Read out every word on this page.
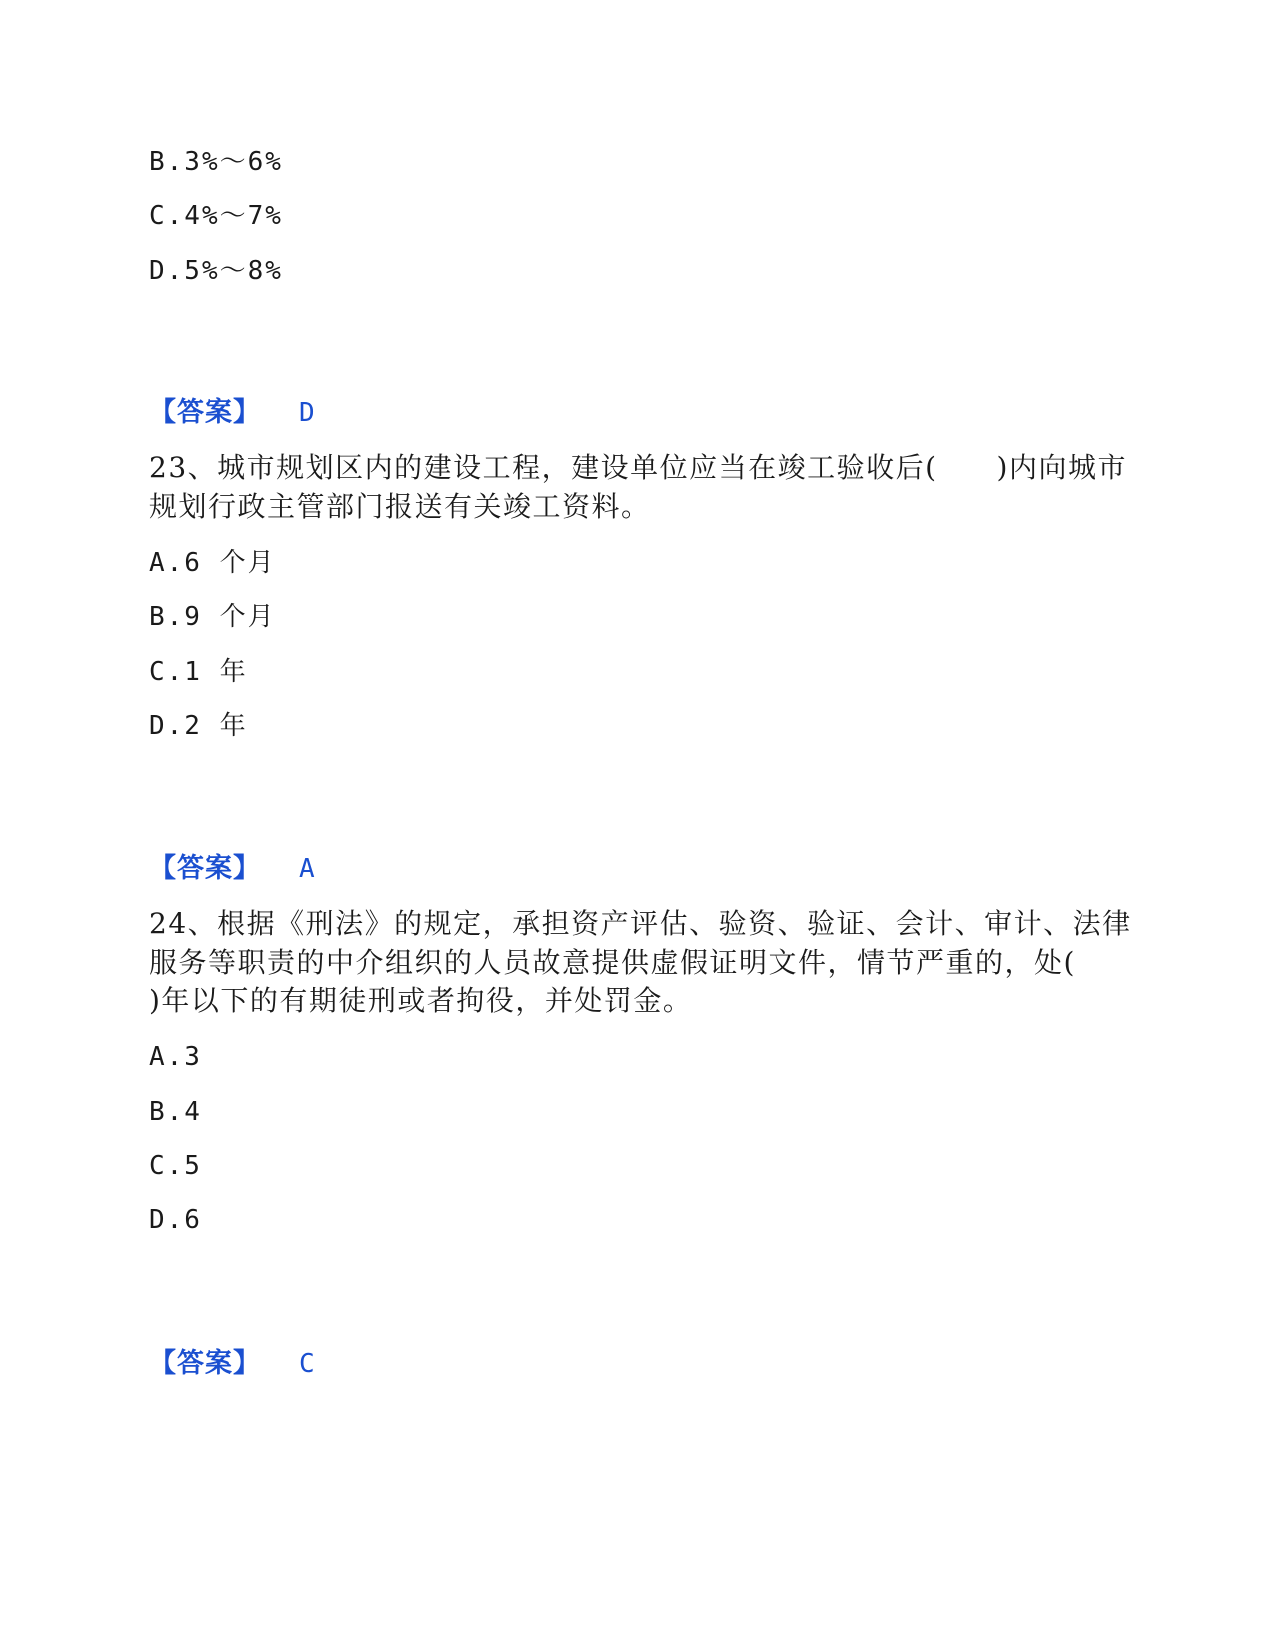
B.3%～6%
C.4%～7%
D.5%～8%
【答案】 D
23、城市规划区内的建设工程，建设单位应当在竣工验收后(　　)内向城市
规划行政主管部门报送有关竣工资料。
A.6 个月
B.9 个月
C.1 年
D.2 年
【答案】 A
24、根据《刑法》的规定，承担资产评估、验资、验证、会计、审计、法律
服务等职责的中介组织的人员故意提供虚假证明文件，情节严重的，处(
)年以下的有期徒刑或者拘役，并处罚金。
A.3
B.4
C.5
D.6
【答案】 C
